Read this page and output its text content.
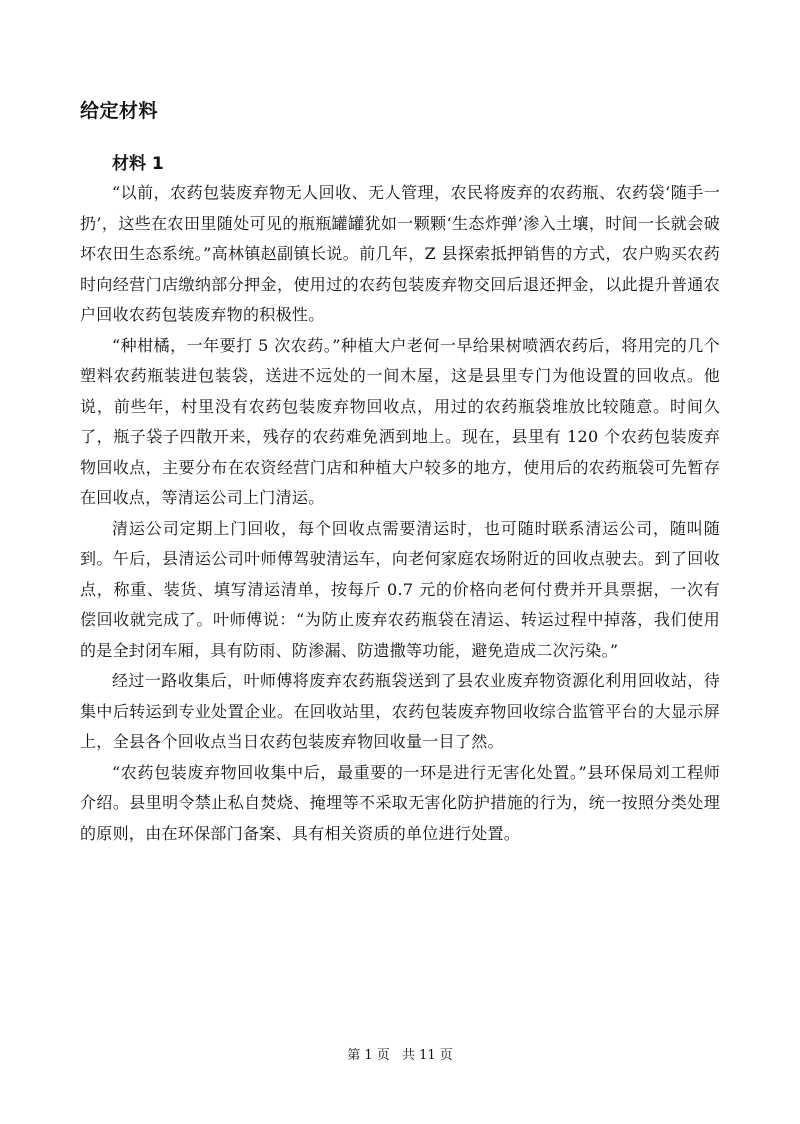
给定材料
材料 1

“以前，农药包装废弃物无人回收、无人管理，农民将废弃的农药瓶、农药袋‘随手一扔’，这些在农田里随处可见的瓶瓶罐罐犹如一颗颗‘生态炸弹’渗入土壤，时间一长就会破坏农田生态系统。”高林镇赵副镇长说。前几年，Z 县探索抵押销售的方式，农户购买农药时向经营门店缴纳部分押金，使用过的农药包装废弃物交回后退还押金，以此提升普通农户回收农药包装废弃物的积极性。

“种柑橘，一年要打 5 次农药。”种植大户老何一早给果树喷洒农药后，将用完的几个塑料农药瓶装进包装袋，送进不远处的一间木屋，这是县里专门为他设置的回收点。他说，前些年，村里没有农药包装废弃物回收点，用过的农药瓶袋堆放比较随意。时间久了，瓶子袋子四散开来，残存的农药难免洒到地上。现在，县里有 120 个农药包装废弃物回收点，主要分布在农资经营门店和种植大户较多的地方，使用后的农药瓶袋可先暂存在回收点，等清运公司上门清运。

清运公司定期上门回收，每个回收点需要清运时，也可随时联系清运公司，随叫随到。午后，县清运公司叶师傅驾驶清运车，向老何家庭农场附近的回收点驶去。到了回收点，称重、装货、填写清运清单，按每斤 0.7 元的价格向老何付费并开具票据，一次有偿回收就完成了。叶师傅说：“为防止废弃农药瓶袋在清运、转运过程中掉落，我们使用的是全封闭车厢，具有防雨、防渗漏、防遗撒等功能，避免造成二次污染。”

经过一路收集后，叶师傅将废弃农药瓶袋送到了县农业废弃物资源化利用回收站，待集中后转运到专业处置企业。在回收站里，农药包装废弃物回收综合监管平台的大显示屏上，全县各个回收点当日农药包装废弃物回收量一目了然。

“农药包装废弃物回收集中后，最重要的一环是进行无害化处置。”县环保局刘工程师介绍。县里明令禁止私自焚烧、掩埋等不采取无害化防护措施的行为，统一按照分类处理的原则，由在环保部门备案、具有相关资质的单位进行处置。

第 1 页 共 11 页
